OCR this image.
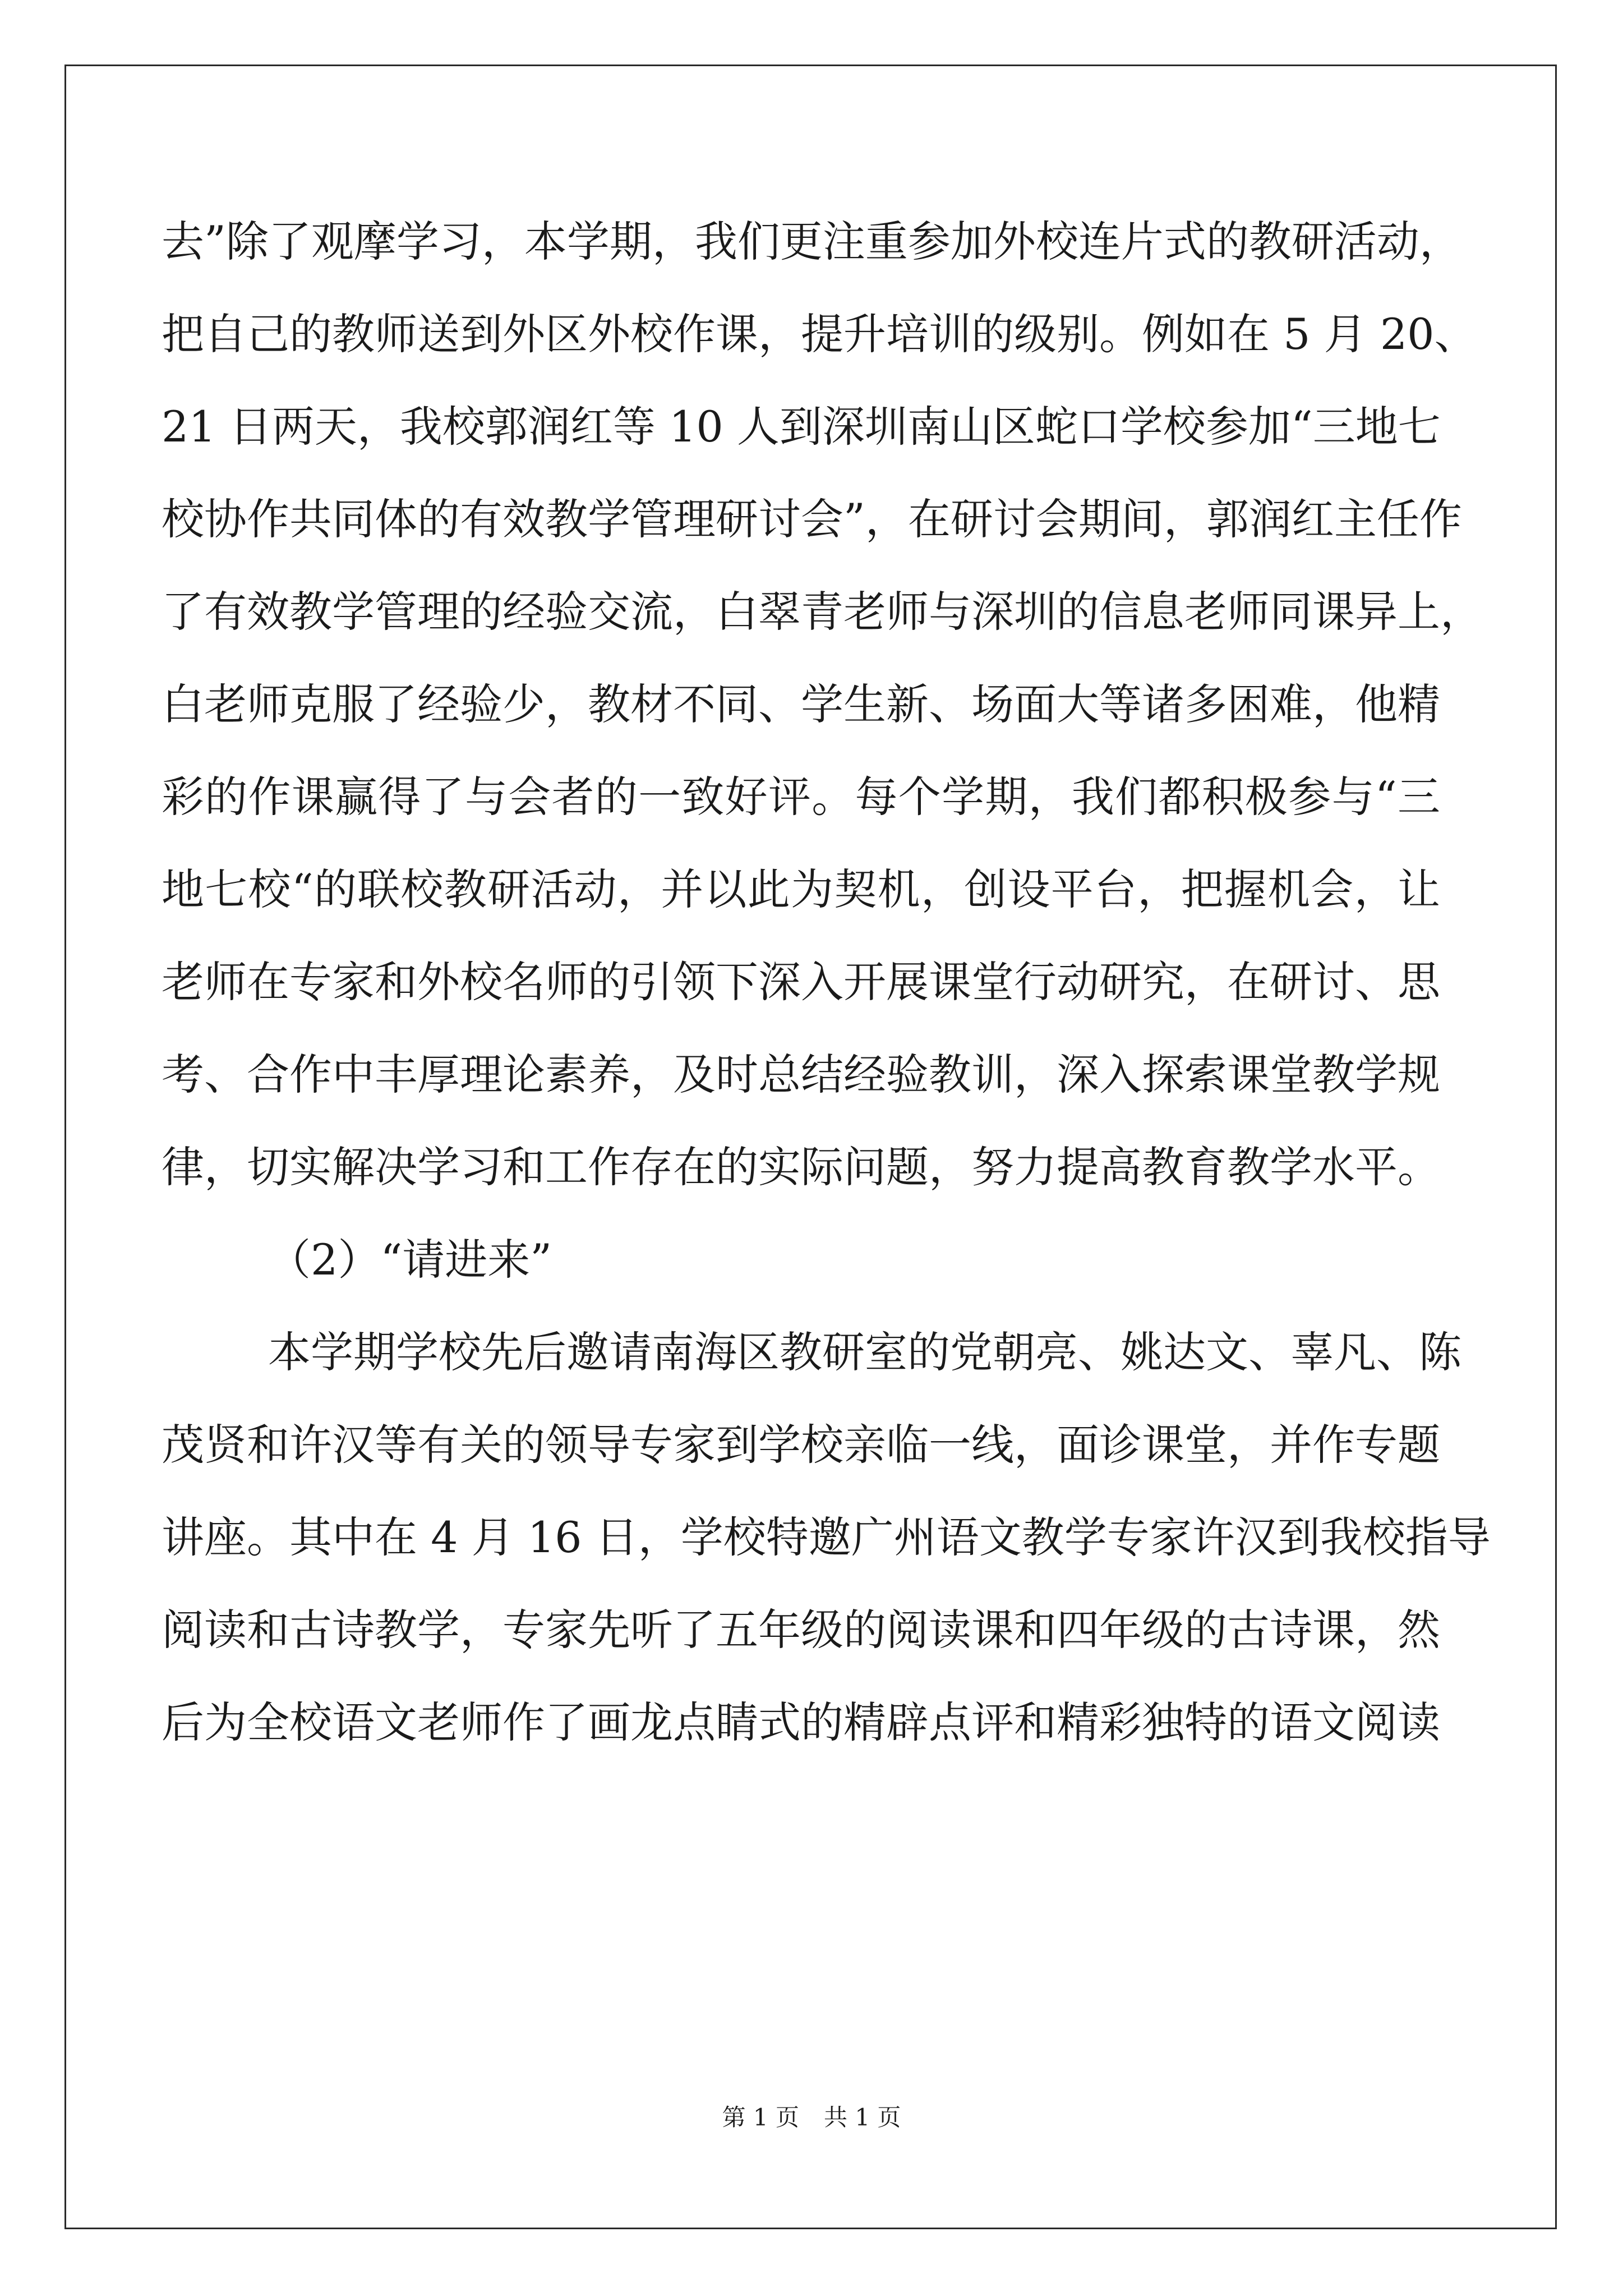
去”除了观摩学习，本学期，我们更注重参加外校连片式的教研活动，
把自己的教师送到外区外校作课，提升培训的级别。例如在 5 月 20、
21 日两天，我校郭润红等 10 人到深圳南山区蛇口学校参加“三地七
校协作共同体的有效教学管理研讨会”，在研讨会期间，郭润红主任作
了有效教学管理的经验交流，白翠青老师与深圳的信息老师同课异上，
白老师克服了经验少，教材不同、学生新、场面大等诸多困难，他精
彩的作课赢得了与会者的一致好评。每个学期，我们都积极参与“三
地七校“的联校教研活动，并以此为契机，创设平台，把握机会，让
老师在专家和外校名师的引领下深入开展课堂行动研究，在研讨、思
考、合作中丰厚理论素养，及时总结经验教训，深入探索课堂教学规
律，切实解决学习和工作存在的实际问题，努力提高教育教学水平。
（2）“请进来”
本学期学校先后邀请南海区教研室的党朝亮、姚达文、辜凡、陈
茂贤和许汉等有关的领导专家到学校亲临一线，面诊课堂，并作专题
讲座。其中在 4 月 16 日，学校特邀广州语文教学专家许汉到我校指导
阅读和古诗教学，专家先听了五年级的阅读课和四年级的古诗课，然
后为全校语文老师作了画龙点睛式的精辟点评和精彩独特的语文阅读
第 1 页 共 1 页
